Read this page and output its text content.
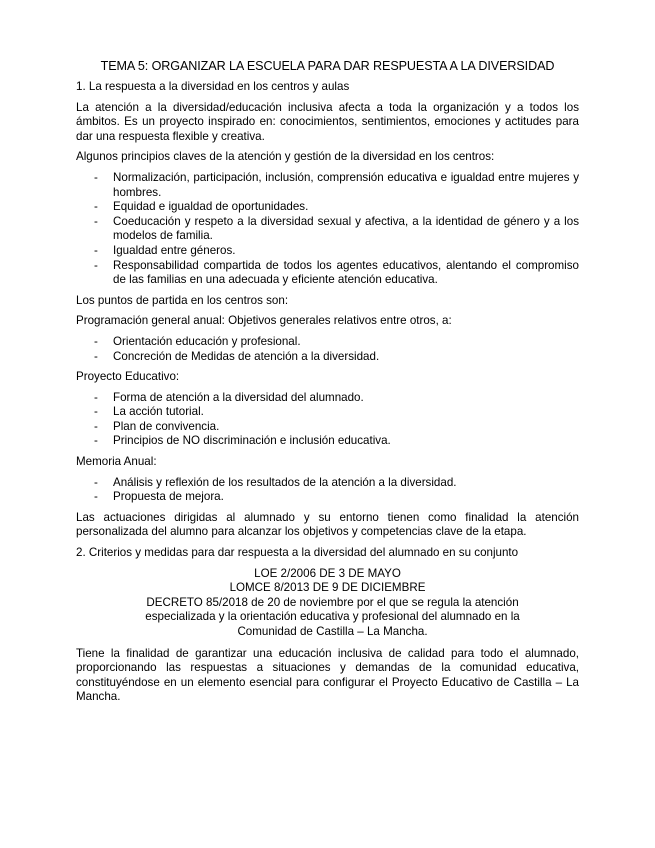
TEMA 5: ORGANIZAR LA ESCUELA PARA DAR RESPUESTA A LA DIVERSIDAD

1. La respuesta a la diversidad en los centros y aulas

La atención a la diversidad/educación inclusiva afecta a toda la organización y a todos los ámbitos. Es un proyecto inspirado en: conocimientos, sentimientos, emociones y actitudes para dar una respuesta flexible y creativa.

Algunos principios claves de la atención y gestión de la diversidad en los centros:

- Normalización, participación, inclusión, comprensión educativa e igualdad entre mujeres y hombres.
- Equidad e igualdad de oportunidades.
- Coeducación y respeto a la diversidad sexual y afectiva, a la identidad de género y a los modelos de familia.
- Igualdad entre géneros.
- Responsabilidad compartida de todos los agentes educativos, alentando el compromiso de las familias en una adecuada y eficiente atención educativa.

Los puntos de partida en los centros son:

Programación general anual: Objetivos generales relativos entre otros, a:

- Orientación educación y profesional.
- Concreción de Medidas de atención a la diversidad.

Proyecto Educativo:

- Forma de atención a la diversidad del alumnado.
- La acción tutorial.
- Plan de convivencia.
- Principios de NO discriminación e inclusión educativa.

Memoria Anual:

- Análisis y reflexión de los resultados de la atención a la diversidad.
- Propuesta de mejora.

Las actuaciones dirigidas al alumnado y su entorno tienen como finalidad la atención personalizada del alumno para alcanzar los objetivos y competencias clave de la etapa.

2. Criterios y medidas para dar respuesta a la diversidad del alumnado en su conjunto

LOE 2/2006 DE 3 DE MAYO
LOMCE 8/2013 DE 9 DE DICIEMBRE
DECRETO 85/2018 de 20 de noviembre por el que se regula la atención especializada y la orientación educativa y profesional del alumnado en la Comunidad de Castilla – La Mancha.

Tiene la finalidad de garantizar una educación inclusiva de calidad para todo el alumnado, proporcionando las respuestas a situaciones y demandas de la comunidad educativa, constituyéndose en un elemento esencial para configurar el Proyecto Educativo de Castilla – La Mancha.
